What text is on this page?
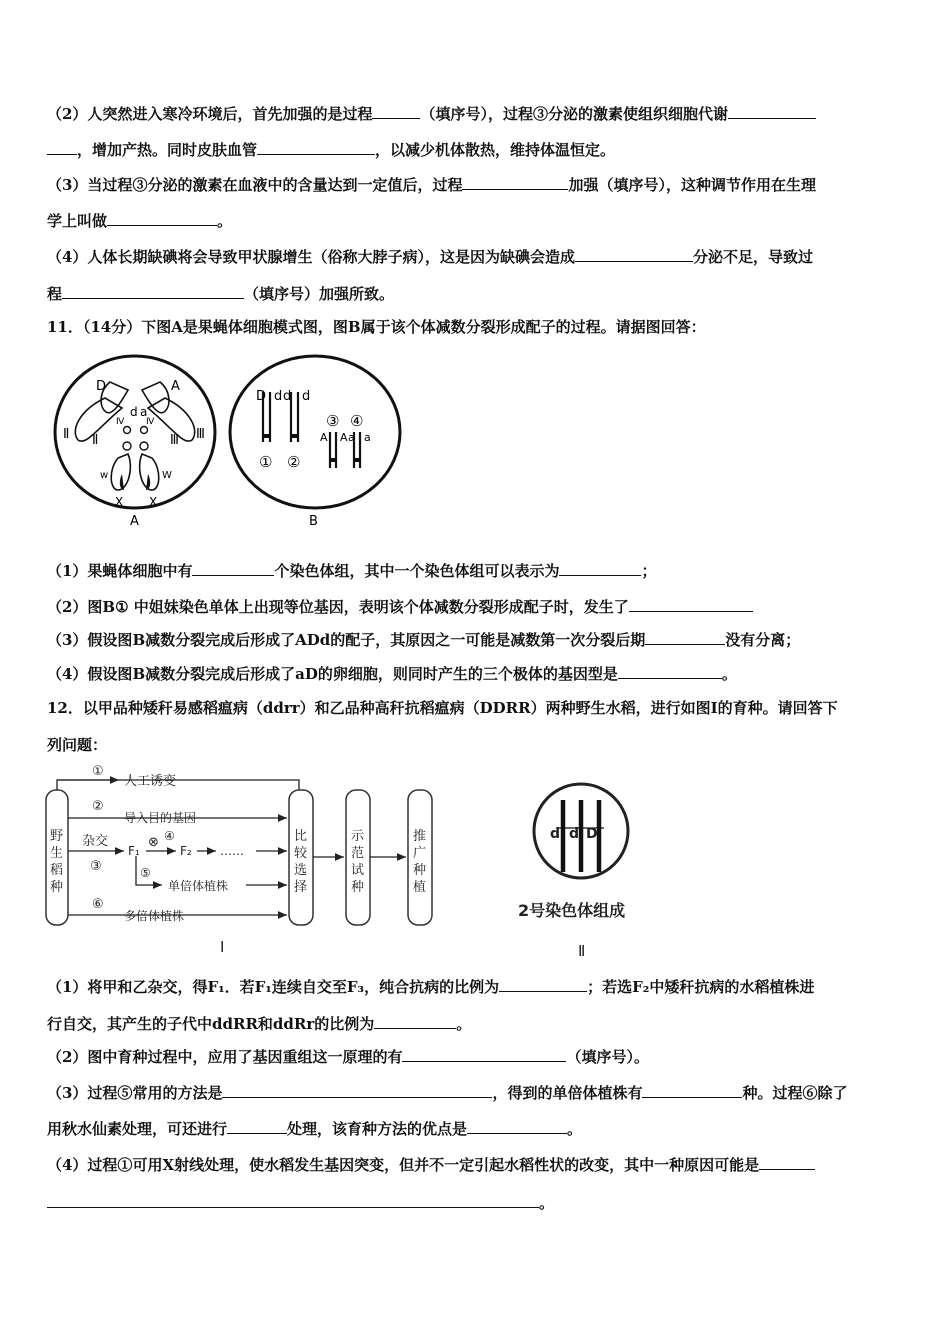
（2）人突然进入寒冷环境后，首先加强的是过程	（填序号），过程③分泌的激素使组织细胞代谢
，增加产热。同时皮肤血管	，以减少机体散热，维持体温恒定。
（3）当过程③分泌的激素在血液中的含量达到一定值后，过程	加强（填序号），这种调节作用在生理
学上叫做	。
（4）人体长期缺碘将会导致甲状腺增生（俗称大脖子病），这是因为缺碘会造成	分泌不足，导致过
程	（填序号）加强所致。
11．（14分）下图A是果蝇体细胞模式图，图B属于该个体减数分裂形成配子的过程。请据图回答：
D	A
d a
Ⅱ Ⅱ	Ⅲ Ⅲ
Ⅳ Ⅳ
w	W
X X
A
D d d d
① ②
③ ④
A A a a
B
（1）果蝇体细胞中有	个染色体组，其中一个染色体组可以表示为	；
（2）图B① 中姐妹染色单体上出现等位基因，表明该个体减数分裂形成配子时，发生了
（3）假设图B减数分裂完成后形成了ADd的配子，其原因之一可能是减数第一次分裂后期	没有分离；
（4）假设图B减数分裂完成后形成了aD的卵细胞，则同时产生的三个极体的基因型是	。
12．以甲品种矮秆易感稻瘟病（ddrr）和乙品种高秆抗稻瘟病（DDRR）两种野生水稻，进行如图Ⅰ的育种。请回答下
列问题：
野
生
稻
种
比
较
选
择
示
范
试
种
推
广
种
植
①
人工诱变
②
导入目的基因
杂交
③
F₁
⊗ ④
F₂ ……
⑤
单倍体植株
⑥
多倍体植株
Ⅰ
d d D
2号染色体组成
Ⅱ
（1）将甲和乙杂交，得F₁．若F₁连续自交至F₃，纯合抗病的比例为	；若选F₂中矮秆抗病的水稻植株进
行自交，其产生的子代中ddRR和ddRr的比例为	。
（2）图中育种过程中，应用了基因重组这一原理的有	（填序号）。
（3）过程⑤常用的方法是	，得到的单倍体植株有	种。过程⑥除了
用秋水仙素处理，可还进行	处理，该育种方法的优点是	。
（4）过程①可用X射线处理，使水稻发生基因突变，但并不一定引起水稻性状的改变，其中一种原因可能是
。
